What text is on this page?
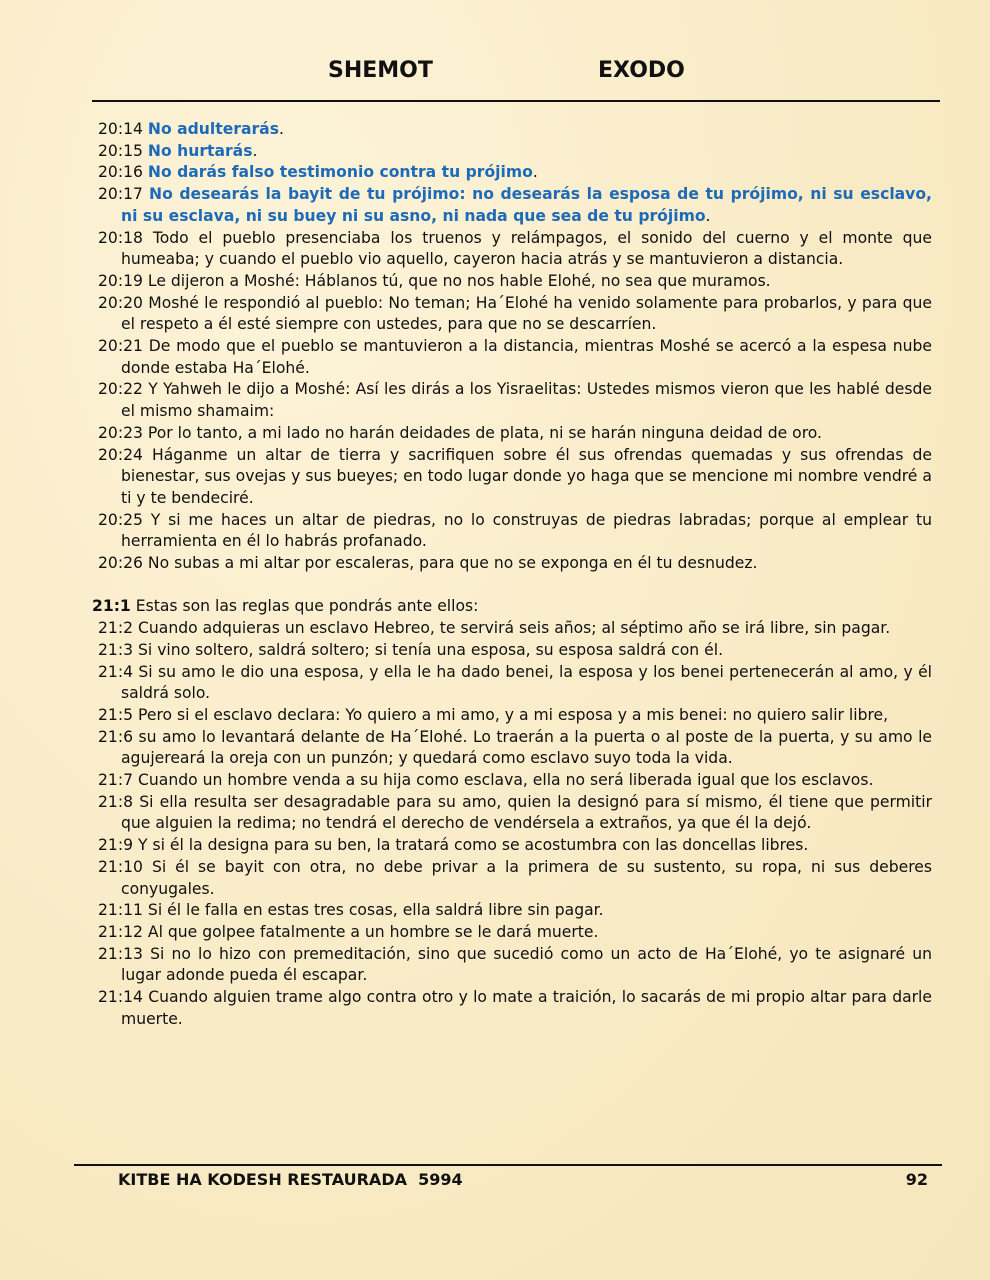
SHEMOT	EXODO
20:14 No adulterarás.
20:15 No hurtarás.
20:16 No darás falso testimonio contra tu prójimo.
20:17 No desearás la bayit de tu prójimo: no desearás la esposa de tu prójimo, ni su esclavo, ni su esclava, ni su buey ni su asno, ni nada que sea de tu prójimo.
20:18 Todo el pueblo presenciaba los truenos y relámpagos, el sonido del cuerno y el monte que humeaba; y cuando el pueblo vio aquello, cayeron hacia atrás y se mantuvieron a distancia.
20:19 Le dijeron a Moshé: Háblanos tú, que no nos hable Elohé, no sea que muramos.
20:20 Moshé le respondió al pueblo: No teman; Ha´Elohé ha venido solamente para probarlos, y para que el respeto a él esté siempre con ustedes, para que no se descarríen.
20:21 De modo que el pueblo se mantuvieron a la distancia, mientras Moshé se acercó a la espesa nube donde estaba Ha´Elohé.
20:22 Y Yahweh le dijo a Moshé: Así les dirás a los Yisraelitas: Ustedes mismos vieron que les hablé desde el mismo shamaim:
20:23 Por lo tanto, a mi lado no harán deidades de plata, ni se harán ninguna deidad de oro.
20:24 Háganme un altar de tierra y sacrifiquen sobre él sus ofrendas quemadas y sus ofrendas de bienestar, sus ovejas y sus bueyes; en todo lugar donde yo haga que se mencione mi nombre vendré a ti y te bendeciré.
20:25 Y si me haces un altar de piedras, no lo construyas de piedras labradas; porque al emplear tu herramienta en él lo habrás profanado.
20:26 No subas a mi altar por escaleras, para que no se exponga en él tu desnudez.
21:1 Estas son las reglas que pondrás ante ellos:
21:2 Cuando adquieras un esclavo Hebreo, te servirá seis años; al séptimo año se irá libre, sin pagar.
21:3 Si vino soltero, saldrá soltero; si tenía una esposa, su esposa saldrá con él.
21:4 Si su amo le dio una esposa, y ella le ha dado benei, la esposa y los benei pertenecerán al amo, y él saldrá solo.
21:5 Pero si el esclavo declara: Yo quiero a mi amo, y a mi esposa y a mis benei: no quiero salir libre,
21:6 su amo lo levantará delante de Ha´Elohé. Lo traerán a la puerta o al poste de la puerta, y su amo le agujereará la oreja con un punzón; y quedará como esclavo suyo toda la vida.
21:7 Cuando un hombre venda a su hija como esclava, ella no será liberada igual que los esclavos.
21:8 Si ella resulta ser desagradable para su amo, quien la designó para sí mismo, él tiene que permitir que alguien la redima; no tendrá el derecho de vendérsela a extraños, ya que él la dejó.
21:9 Y si él la designa para su ben, la tratará como se acostumbra con las doncellas libres.
21:10 Si él se bayit con otra, no debe privar a la primera de su sustento, su ropa, ni sus deberes conyugales.
21:11 Si él le falla en estas tres cosas, ella saldrá libre sin pagar.
21:12 Al que golpee fatalmente a un hombre se le dará muerte.
21:13 Si no lo hizo con premeditación, sino que sucedió como un acto de Ha´Elohé, yo te asignaré un lugar adonde pueda él escapar.
21:14 Cuando alguien trame algo contra otro y lo mate a traición, lo sacarás de mi propio altar para darle muerte.
KITBE HA KODESH RESTAURADA  5994	92
